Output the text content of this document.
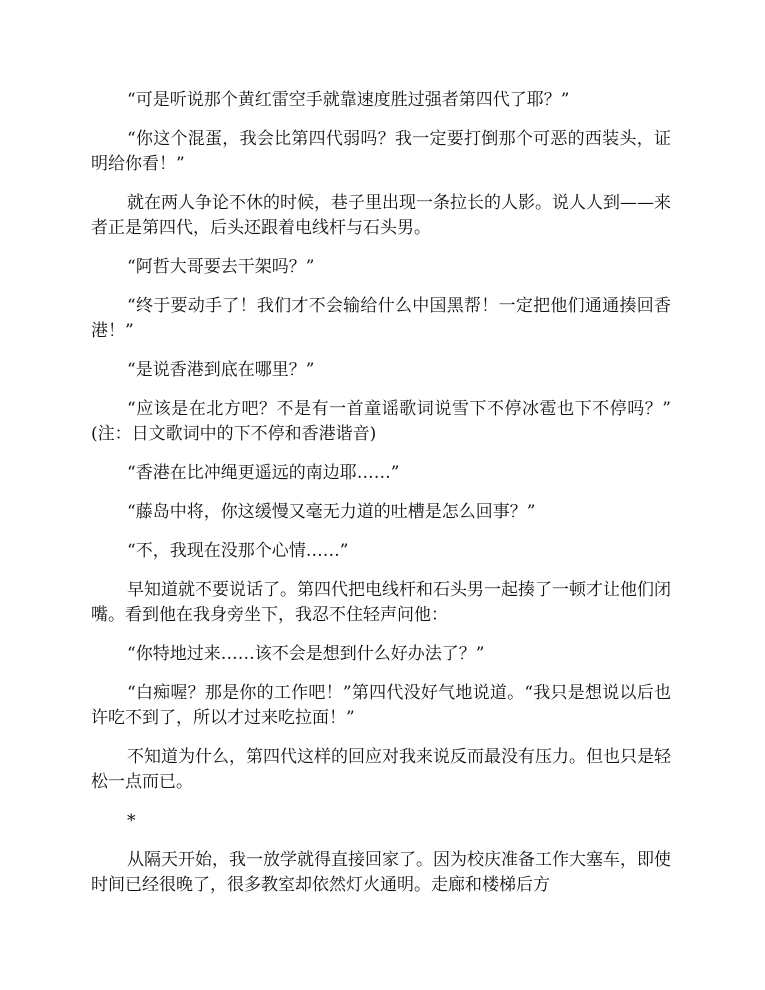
“可是听说那个黄红雷空手就靠速度胜过强者第四代了耶？”

“你这个混蛋，我会比第四代弱吗？我一定要打倒那个可恶的西装头，证明给你看！”

就在两人争论不休的时候，巷子里出现一条拉长的人影。说人人到——来者正是第四代，后头还跟着电线杆与石头男。

“阿哲大哥要去干架吗？”

“终于要动手了！我们才不会输给什么中国黑帮！一定把他们通通揍回香港！”

“是说香港到底在哪里？”

“应该是在北方吧？不是有一首童谣歌词说雪下不停冰雹也下不停吗？” (注：日文歌词中的下不停和香港谐音)

“香港在比冲绳更遥远的南边耶……”

“藤岛中将，你这缓慢又毫无力道的吐槽是怎么回事？”

“不，我现在没那个心情……”

早知道就不要说话了。第四代把电线杆和石头男一起揍了一顿才让他们闭嘴。看到他在我身旁坐下，我忍不住轻声问他：

“你特地过来……该不会是想到什么好办法了？”

“白痴喔？那是你的工作吧！”第四代没好气地说道。“我只是想说以后也许吃不到了，所以才过来吃拉面！”

不知道为什么，第四代这样的回应对我来说反而最没有压力。但也只是轻松一点而已。

*

从隔天开始，我一放学就得直接回家了。因为校庆准备工作大塞车，即使时间已经很晚了，很多教室却依然灯火通明。走廊和楼梯后方
